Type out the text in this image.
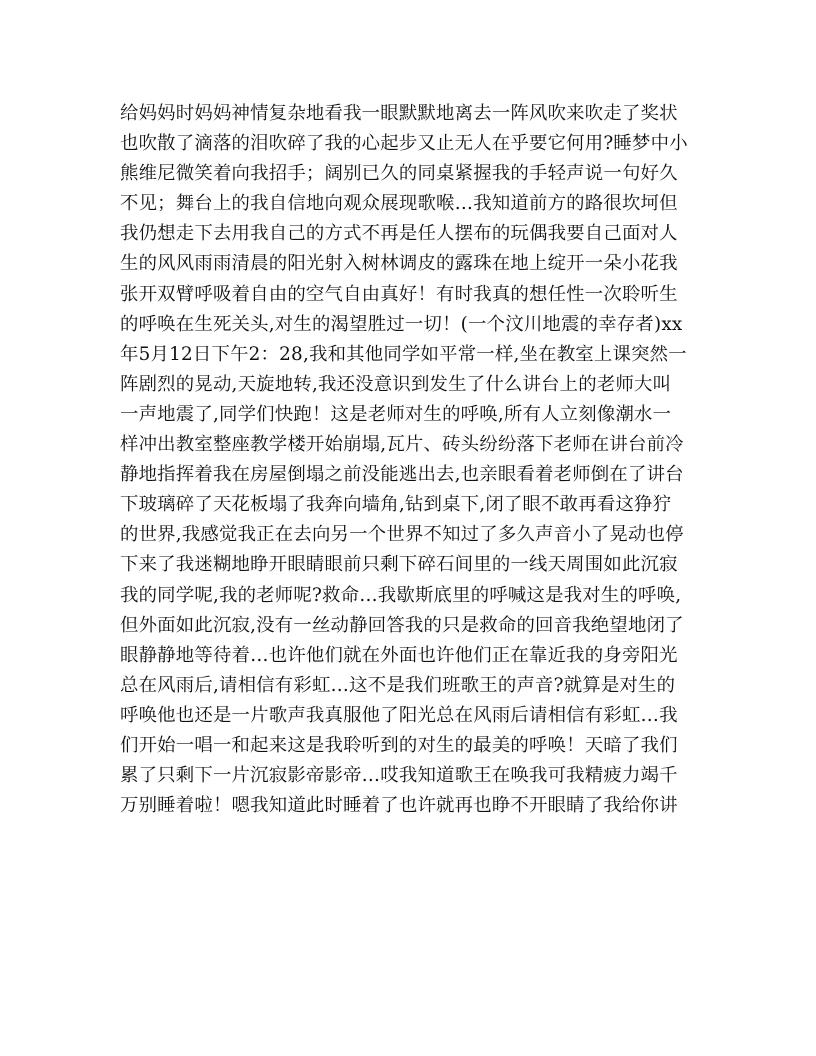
给妈妈时妈妈神情复杂地看我一眼默默地离去一阵风吹来吹走了奖状
也吹散了滴落的泪吹碎了我的心起步又止无人在乎要它何用?睡梦中小
熊维尼微笑着向我招手；阔别已久的同桌紧握我的手轻声说一句好久
不见；舞台上的我自信地向观众展现歌喉…我知道前方的路很坎坷但
我仍想走下去用我自己的方式不再是任人摆布的玩偶我要自己面对人
生的风风雨雨清晨的阳光射入树林调皮的露珠在地上绽开一朵小花我
张开双臂呼吸着自由的空气自由真好！有时我真的想任性一次聆听生
的呼唤在生死关头,对生的渴望胜过一切！(一个汶川地震的幸存者)xx
年5月12日下午2：28,我和其他同学如平常一样,坐在教室上课突然一
阵剧烈的晃动,天旋地转,我还没意识到发生了什么讲台上的老师大叫
一声地震了,同学们快跑！这是老师对生的呼唤,所有人立刻像潮水一
样冲出教室整座教学楼开始崩塌,瓦片、砖头纷纷落下老师在讲台前冷
静地指挥着我在房屋倒塌之前没能逃出去,也亲眼看着老师倒在了讲台
下玻璃碎了天花板塌了我奔向墙角,钻到桌下,闭了眼不敢再看这狰狞
的世界,我感觉我正在去向另一个世界不知过了多久声音小了晃动也停
下来了我迷糊地睁开眼睛眼前只剩下碎石间里的一线天周围如此沉寂
我的同学呢,我的老师呢?救命…我歇斯底里的呼喊这是我对生的呼唤,
但外面如此沉寂,没有一丝动静回答我的只是救命的回音我绝望地闭了
眼静静地等待着…也许他们就在外面也许他们正在靠近我的身旁阳光
总在风雨后,请相信有彩虹…这不是我们班歌王的声音?就算是对生的
呼唤他也还是一片歌声我真服他了阳光总在风雨后请相信有彩虹…我
们开始一唱一和起来这是我聆听到的对生的最美的呼唤！天暗了我们
累了只剩下一片沉寂影帝影帝…哎我知道歌王在唤我可我精疲力竭千
万别睡着啦！嗯我知道此时睡着了也许就再也睁不开眼睛了我给你讲
